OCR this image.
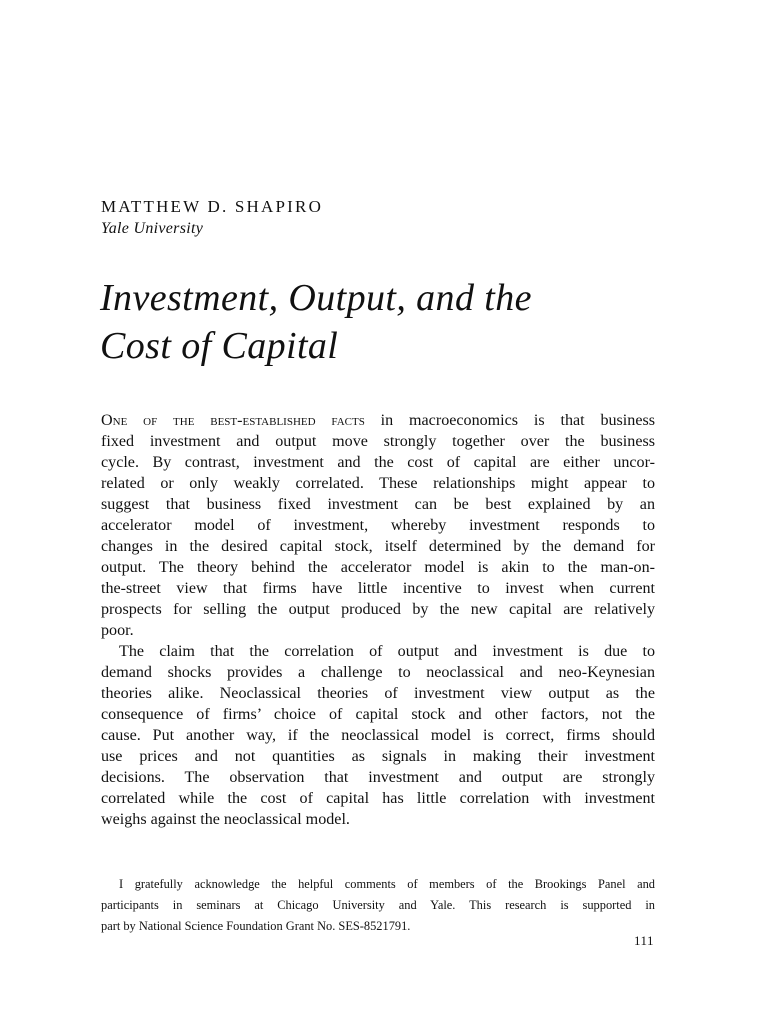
MATTHEW D. SHAPIRO

Yale University

Investment, Output, and the
Cost of Capital
One of the best-established facts in macroeconomics is that business
fixed investment and output move strongly together over the business
cycle. By contrast, investment and the cost of capital are either uncor-
related or only weakly correlated. These relationships might appear to
suggest that business fixed investment can be best explained by an
accelerator model of investment, whereby investment responds to
changes in the desired capital stock, itself determined by the demand for
output. The theory behind the accelerator model is akin to the man-on-
the-street view that firms have little incentive to invest when current
prospects for selling the output produced by the new capital are relatively
poor.
The claim that the correlation of output and investment is due to
demand shocks provides a challenge to neoclassical and neo-Keynesian
theories alike. Neoclassical theories of investment view output as the
consequence of firms’ choice of capital stock and other factors, not the
cause. Put another way, if the neoclassical model is correct, firms should
use prices and not quantities as signals in making their investment
decisions. The observation that investment and output are strongly
correlated while the cost of capital has little correlation with investment
weighs against the neoclassical model.
I gratefully acknowledge the helpful comments of members of the Brookings Panel and
participants in seminars at Chicago University and Yale. This research is supported in
part by National Science Foundation Grant No. SES-8521791.
111
